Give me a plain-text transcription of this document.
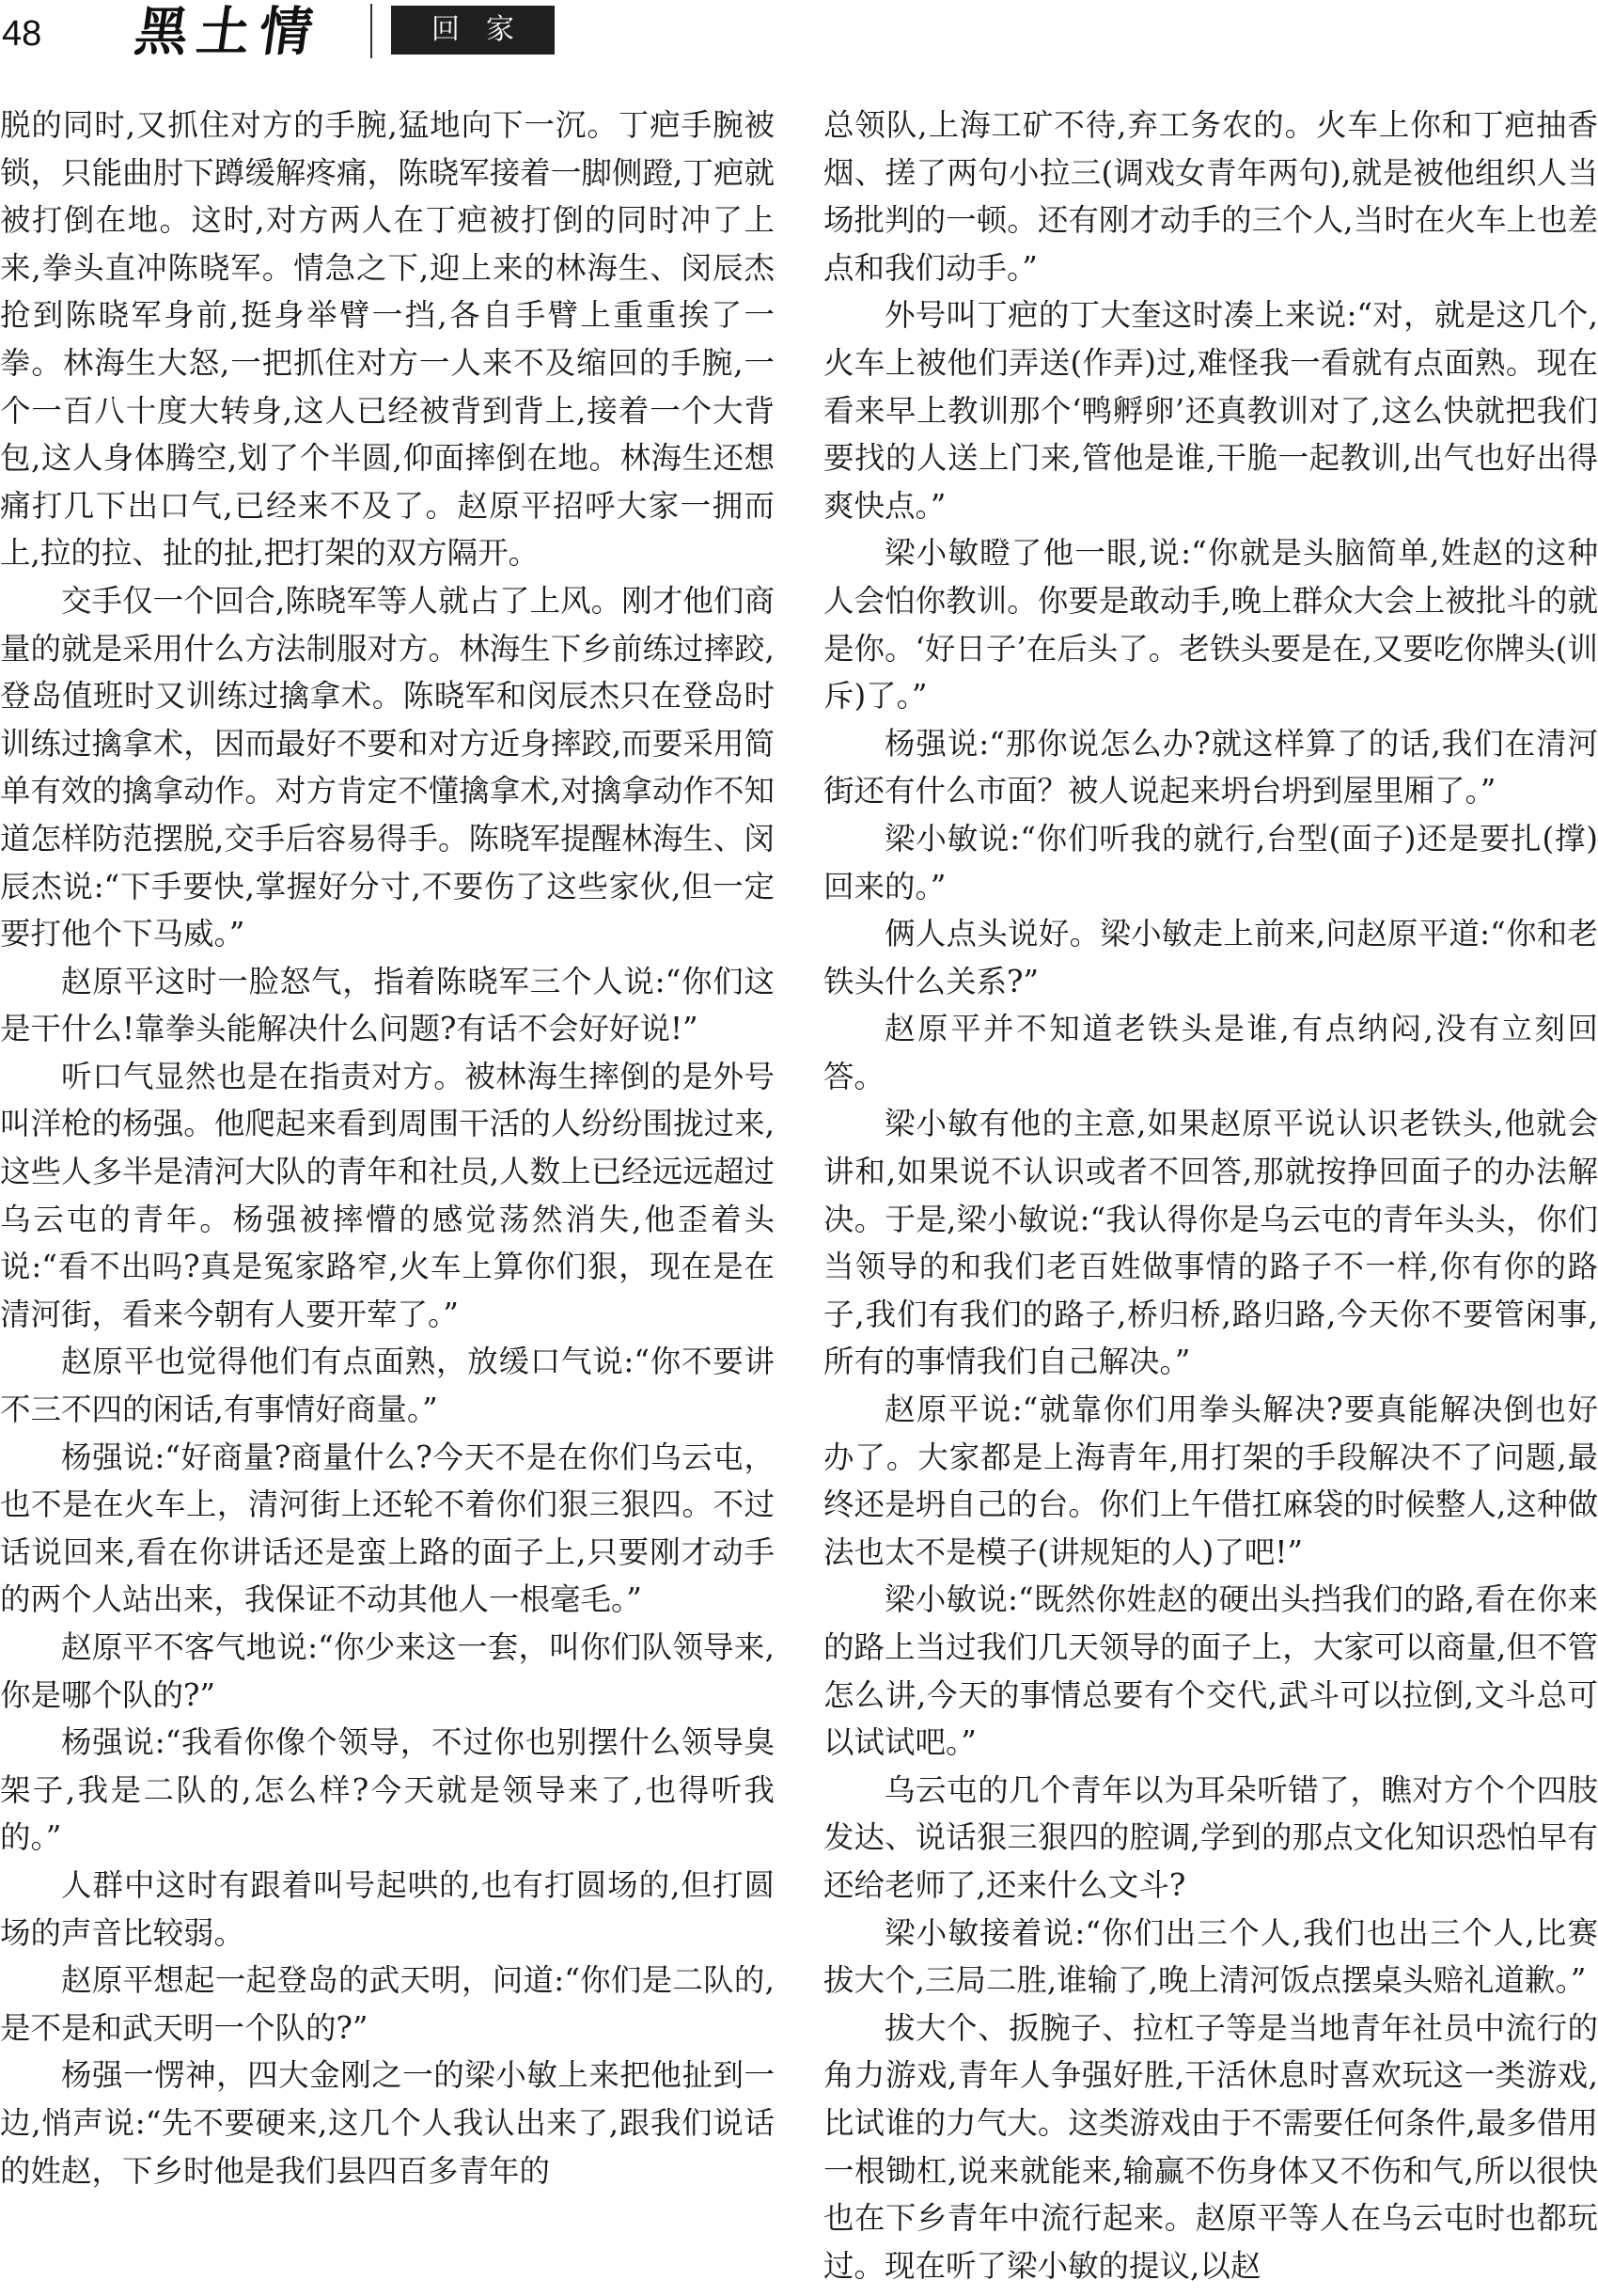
48 黑土情	回家

脱的同时,又抓住对方的手腕,猛地向下一沉。丁疤手腕被锁，只能曲肘下蹲缓解疼痛，陈晓军接着一脚侧蹬,丁疤就被打倒在地。这时,对方两人在丁疤被打倒的同时冲了上来,拳头直冲陈晓军。情急之下,迎上来的林海生、闵辰杰抢到陈晓军身前,挺身举臂一挡,各自手臂上重重挨了一拳。林海生大怒,一把抓住对方一人来不及缩回的手腕,一个一百八十度大转身,这人已经被背到背上,接着一个大背包,这人身体腾空,划了个半圆,仰面摔倒在地。林海生还想痛打几下出口气,已经来不及了。赵原平招呼大家一拥而上,拉的拉、扯的扯,把打架的双方隔开。

交手仅一个回合,陈晓军等人就占了上风。刚才他们商量的就是采用什么方法制服对方。林海生下乡前练过摔跤,登岛值班时又训练过擒拿术。陈晓军和闵辰杰只在登岛时训练过擒拿术，因而最好不要和对方近身摔跤,而要采用简单有效的擒拿动作。对方肯定不懂擒拿术,对擒拿动作不知道怎样防范摆脱,交手后容易得手。陈晓军提醒林海生、闵辰杰说:“下手要快,掌握好分寸,不要伤了这些家伙,但一定要打他个下马威。”

赵原平这时一脸怒气，指着陈晓军三个人说:“你们这是干什么!靠拳头能解决什么问题?有话不会好好说!”

听口气显然也是在指责对方。被林海生摔倒的是外号叫洋枪的杨强。他爬起来看到周围干活的人纷纷围拢过来,这些人多半是清河大队的青年和社员,人数上已经远远超过乌云屯的青年。杨强被摔懵的感觉荡然消失,他歪着头说:“看不出吗?真是冤家路窄,火车上算你们狠，现在是在清河街，看来今朝有人要开荤了。”

赵原平也觉得他们有点面熟，放缓口气说:“你不要讲不三不四的闲话,有事情好商量。”

杨强说:“好商量?商量什么?今天不是在你们乌云屯，也不是在火车上，清河街上还轮不着你们狠三狠四。不过话说回来,看在你讲话还是蛮上路的面子上,只要刚才动手的两个人站出来，我保证不动其他人一根毫毛。”

赵原平不客气地说:“你少来这一套，叫你们队领导来,你是哪个队的?”

杨强说:“我看你像个领导，不过你也别摆什么领导臭架子,我是二队的,怎么样?今天就是领导来了,也得听我的。”

人群中这时有跟着叫号起哄的,也有打圆场的,但打圆场的声音比较弱。

赵原平想起一起登岛的武天明，问道:“你们是二队的,是不是和武天明一个队的?”

杨强一愣神，四大金刚之一的梁小敏上来把他扯到一边,悄声说:“先不要硬来,这几个人我认出来了,跟我们说话的姓赵，下乡时他是我们县四百多青年的

总领队,上海工矿不待,弃工务农的。火车上你和丁疤抽香烟、搓了两句小拉三(调戏女青年两句),就是被他组织人当场批判的一顿。还有刚才动手的三个人,当时在火车上也差点和我们动手。”

外号叫丁疤的丁大奎这时凑上来说:“对，就是这几个,火车上被他们弄送(作弄)过,难怪我一看就有点面熟。现在看来早上教训那个‘鸭孵卵’还真教训对了,这么快就把我们要找的人送上门来,管他是谁,干脆一起教训,出气也好出得爽快点。”

梁小敏瞪了他一眼,说:“你就是头脑简单,姓赵的这种人会怕你教训。你要是敢动手,晚上群众大会上被批斗的就是你。‘好日子’在后头了。老铁头要是在,又要吃你牌头(训斥)了。”

杨强说:“那你说怎么办?就这样算了的话,我们在清河街还有什么市面？被人说起来坍台坍到屋里厢了。”

梁小敏说:“你们听我的就行,台型(面子)还是要扎(撑)回来的。”

俩人点头说好。梁小敏走上前来,问赵原平道:“你和老铁头什么关系?”

赵原平并不知道老铁头是谁,有点纳闷,没有立刻回答。

梁小敏有他的主意,如果赵原平说认识老铁头,他就会讲和,如果说不认识或者不回答,那就按挣回面子的办法解决。于是,梁小敏说:“我认得你是乌云屯的青年头头，你们当领导的和我们老百姓做事情的路子不一样,你有你的路子,我们有我们的路子,桥归桥,路归路,今天你不要管闲事,所有的事情我们自己解决。”

赵原平说:“就靠你们用拳头解决?要真能解决倒也好办了。大家都是上海青年,用打架的手段解决不了问题,最终还是坍自己的台。你们上午借扛麻袋的时候整人,这种做法也太不是模子(讲规矩的人)了吧!”

梁小敏说:“既然你姓赵的硬出头挡我们的路,看在你来的路上当过我们几天领导的面子上，大家可以商量,但不管怎么讲,今天的事情总要有个交代,武斗可以拉倒,文斗总可以试试吧。”

乌云屯的几个青年以为耳朵听错了，瞧对方个个四肢发达、说话狠三狠四的腔调,学到的那点文化知识恐怕早有还给老师了,还来什么文斗?

梁小敏接着说:“你们出三个人,我们也出三个人,比赛拔大个,三局二胜,谁输了,晚上清河饭点摆桌头赔礼道歉。”

拔大个、扳腕子、拉杠子等是当地青年社员中流行的角力游戏,青年人争强好胜,干活休息时喜欢玩这一类游戏,比试谁的力气大。这类游戏由于不需要任何条件,最多借用一根锄杠,说来就能来,输赢不伤身体又不伤和气,所以很快也在下乡青年中流行起来。赵原平等人在乌云屯时也都玩过。现在听了梁小敏的提议,以赵
